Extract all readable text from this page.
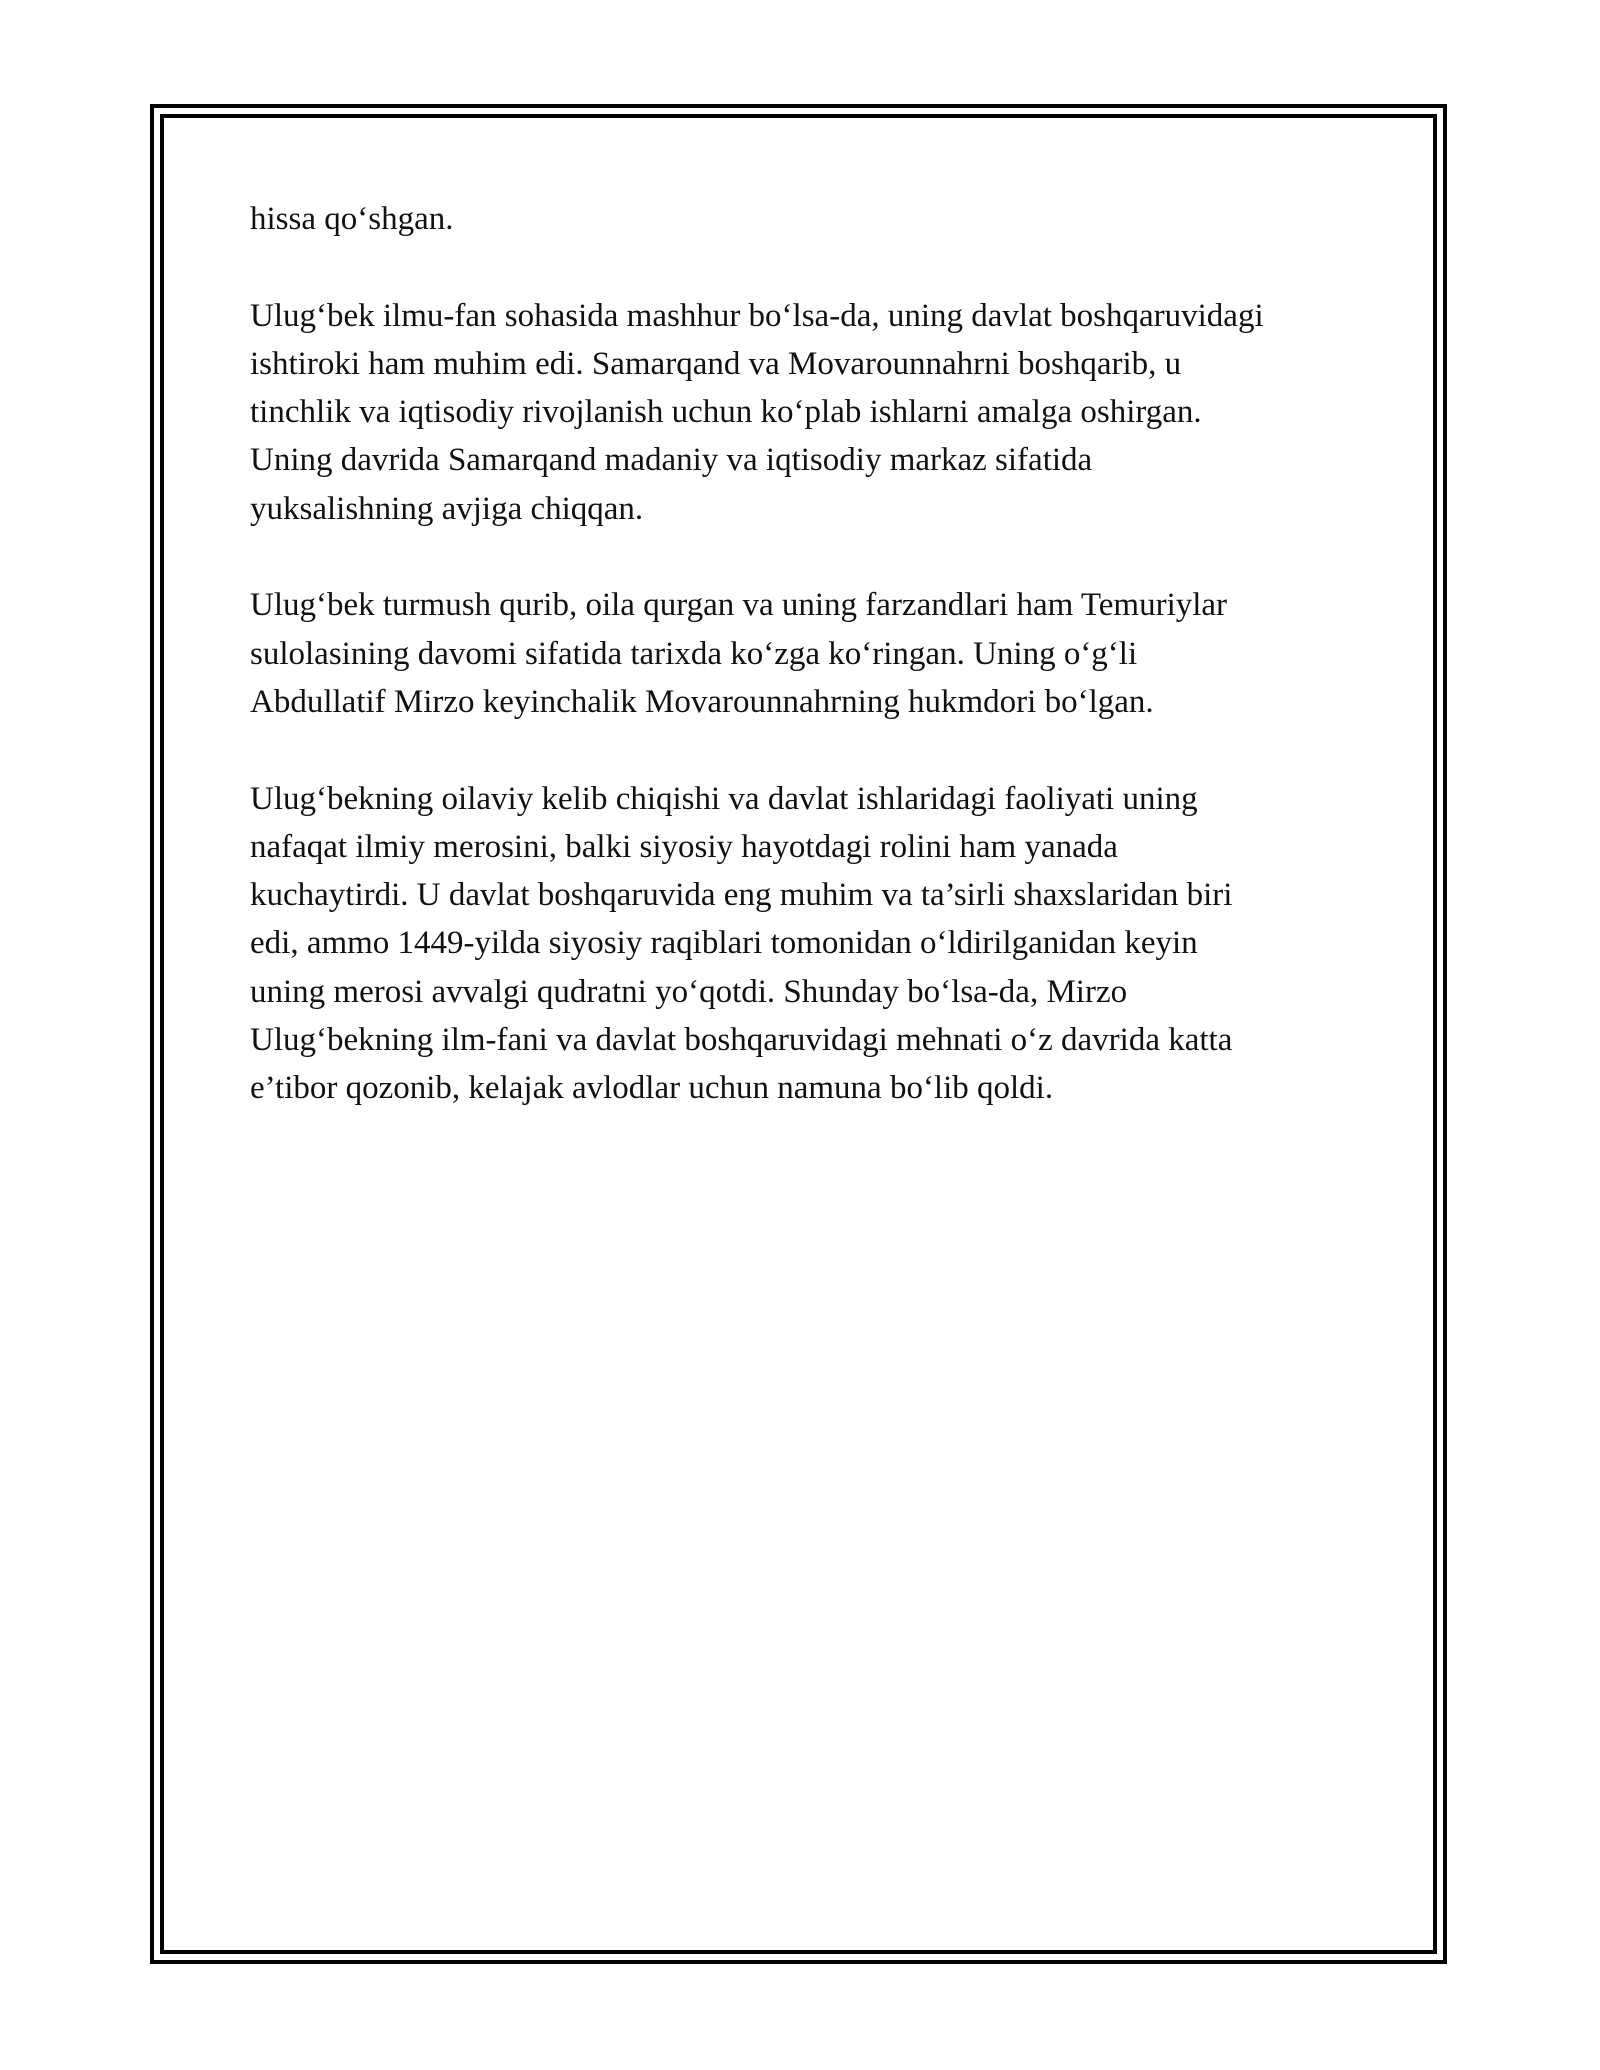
hissa qo‘shgan.

Ulug‘bek ilmu-fan sohasida mashhur bo‘lsa-da, uning davlat boshqaruvidagi
ishtiroki ham muhim edi. Samarqand va Movarounnahrni boshqarib, u
tinchlik va iqtisodiy rivojlanish uchun ko‘plab ishlarni amalga oshirgan.
Uning davrida Samarqand madaniy va iqtisodiy markaz sifatida
yuksalishning avjiga chiqqan.

Ulug‘bek turmush qurib, oila qurgan va uning farzandlari ham Temuriylar
sulolasining davomi sifatida tarixda ko‘zga ko‘ringan. Uning o‘g‘li
Abdullatif Mirzo keyinchalik Movarounnahrning hukmdori bo‘lgan.

Ulug‘bekning oilaviy kelib chiqishi va davlat ishlaridagi faoliyati uning
nafaqat ilmiy merosini, balki siyosiy hayotdagi rolini ham yanada
kuchaytirdi. U davlat boshqaruvida eng muhim va ta’sirli shaxslaridan biri
edi, ammo 1449-yilda siyosiy raqiblari tomonidan o‘ldirilganidan keyin
uning merosi avvalgi qudratni yo‘qotdi. Shunday bo‘lsa-da, Mirzo
Ulug‘bekning ilm-fani va davlat boshqaruvidagi mehnati o‘z davrida katta
e’tibor qozonib, kelajak avlodlar uchun namuna bo‘lib qoldi.
